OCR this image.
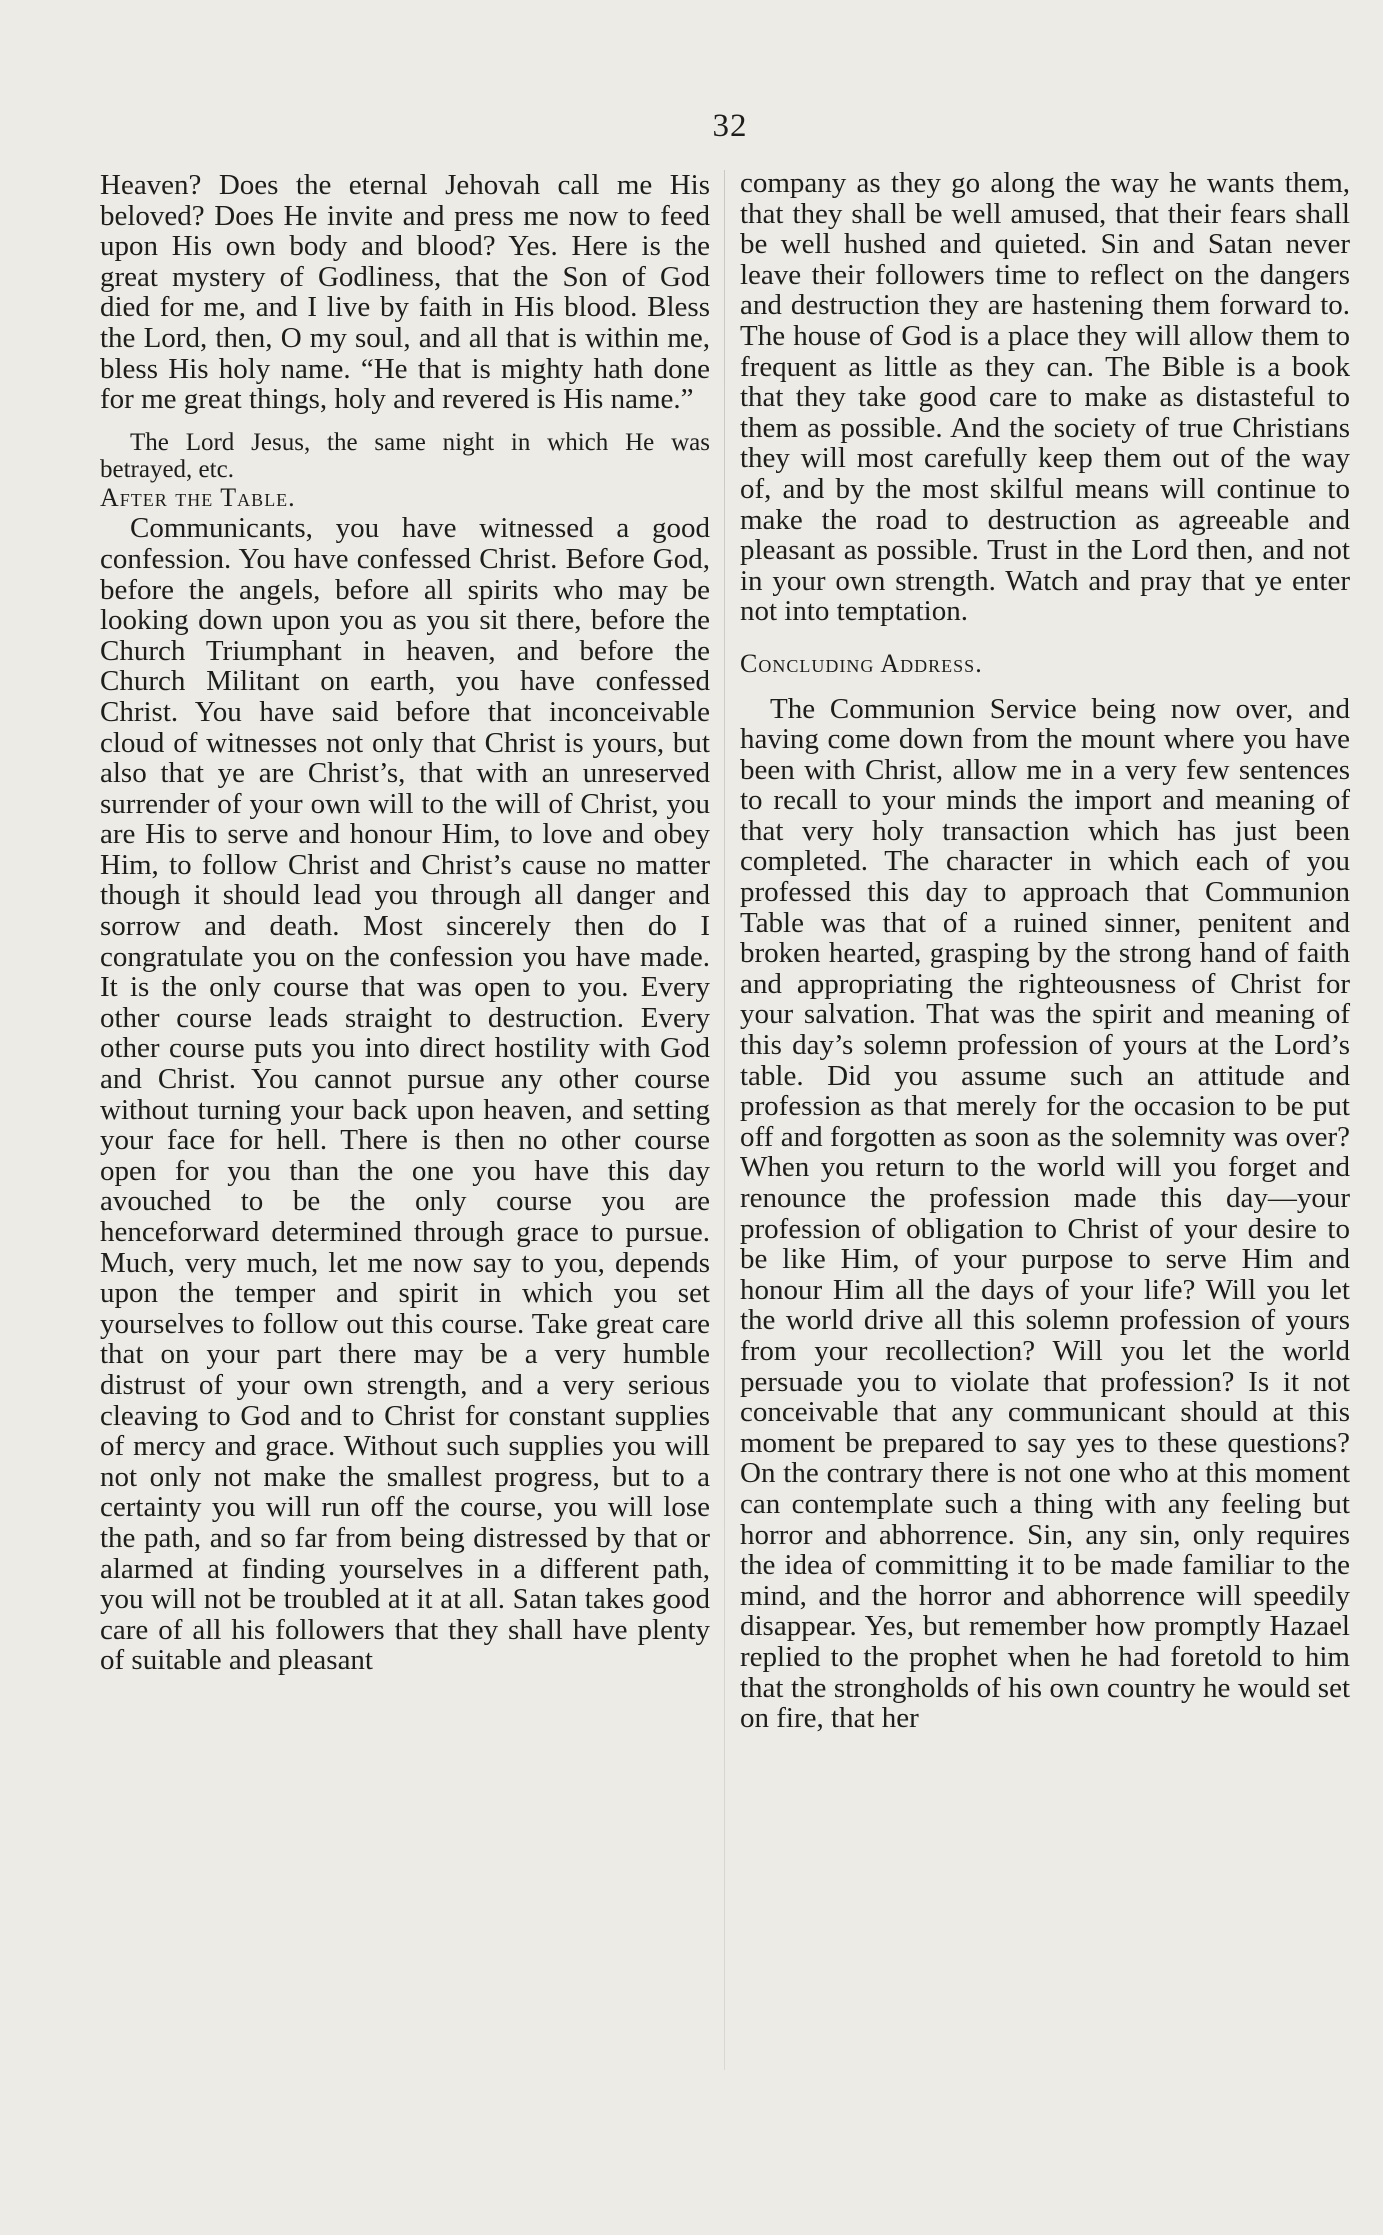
32

Heaven? Does the eternal Jehovah call me His beloved? Does He invite and press me now to feed upon His own body and blood? Yes. Here is the great mystery of Godliness, that the Son of God died for me, and I live by faith in His blood. Bless the Lord, then, O my soul, and all that is within me, bless His holy name. “He that is mighty hath done for me great things, holy and revered is His name.”

The Lord Jesus, the same night in which He was betrayed, etc.

After the Table.

Communicants, you have witnessed a good confession. You have confessed Christ. Before God, before the angels, before all spirits who may be looking down upon you as you sit there, before the Church Triumphant in heaven, and before the Church Militant on earth, you have confessed Christ. You have said before that inconceivable cloud of witnesses not only that Christ is yours, but also that ye are Christ’s, that with an unreserved surrender of your own will to the will of Christ, you are His to serve and honour Him, to love and obey Him, to follow Christ and Christ’s cause no matter though it should lead you through all danger and sorrow and death. Most sincerely then do I congratulate you on the confession you have made. It is the only course that was open to you. Every other course leads straight to destruction. Every other course puts you into direct hostility with God and Christ. You cannot pursue any other course without turning your back upon heaven, and setting your face for hell. There is then no other course open for you than the one you have this day avouched to be the only course you are henceforward determined through grace to pursue. Much, very much, let me now say to you, depends upon the temper and spirit in which you set yourselves to follow out this course. Take great care that on your part there may be a very humble distrust of your own strength, and a very serious cleaving to God and to Christ for constant supplies of mercy and grace. Without such supplies you will not only not make the smallest progress, but to a certainty you will run off the course, you will lose the path, and so far from being distressed by that or alarmed at finding yourselves in a different path, you will not be troubled at it at all. Satan takes good care of all his followers that they shall have plenty of suitable and pleasant

company as they go along the way he wants them, that they shall be well amused, that their fears shall be well hushed and quieted. Sin and Satan never leave their followers time to reflect on the dangers and destruction they are hastening them forward to. The house of God is a place they will allow them to frequent as little as they can. The Bible is a book that they take good care to make as distasteful to them as possible. And the society of true Christians they will most carefully keep them out of the way of, and by the most skilful means will continue to make the road to destruction as agreeable and pleasant as possible. Trust in the Lord then, and not in your own strength. Watch and pray that ye enter not into temptation.

Concluding Address.

The Communion Service being now over, and having come down from the mount where you have been with Christ, allow me in a very few sentences to recall to your minds the import and meaning of that very holy transaction which has just been completed. The character in which each of you professed this day to approach that Communion Table was that of a ruined sinner, penitent and broken hearted, grasping by the strong hand of faith and appropriating the righteousness of Christ for your salvation. That was the spirit and meaning of this day’s solemn profession of yours at the Lord’s table. Did you assume such an attitude and profession as that merely for the occasion to be put off and forgotten as soon as the solemnity was over? When you return to the world will you forget and renounce the profession made this day—your profession of obligation to Christ of your desire to be like Him, of your purpose to serve Him and honour Him all the days of your life? Will you let the world drive all this solemn profession of yours from your recollection? Will you let the world persuade you to violate that profession? Is it not conceivable that any communicant should at this moment be prepared to say yes to these questions? On the contrary there is not one who at this moment can contemplate such a thing with any feeling but horror and abhorrence. Sin, any sin, only requires the idea of committing it to be made familiar to the mind, and the horror and abhorrence will speedily disappear. Yes, but remember how promptly Hazael replied to the prophet when he had foretold to him that the strongholds of his own country he would set on fire, that her
